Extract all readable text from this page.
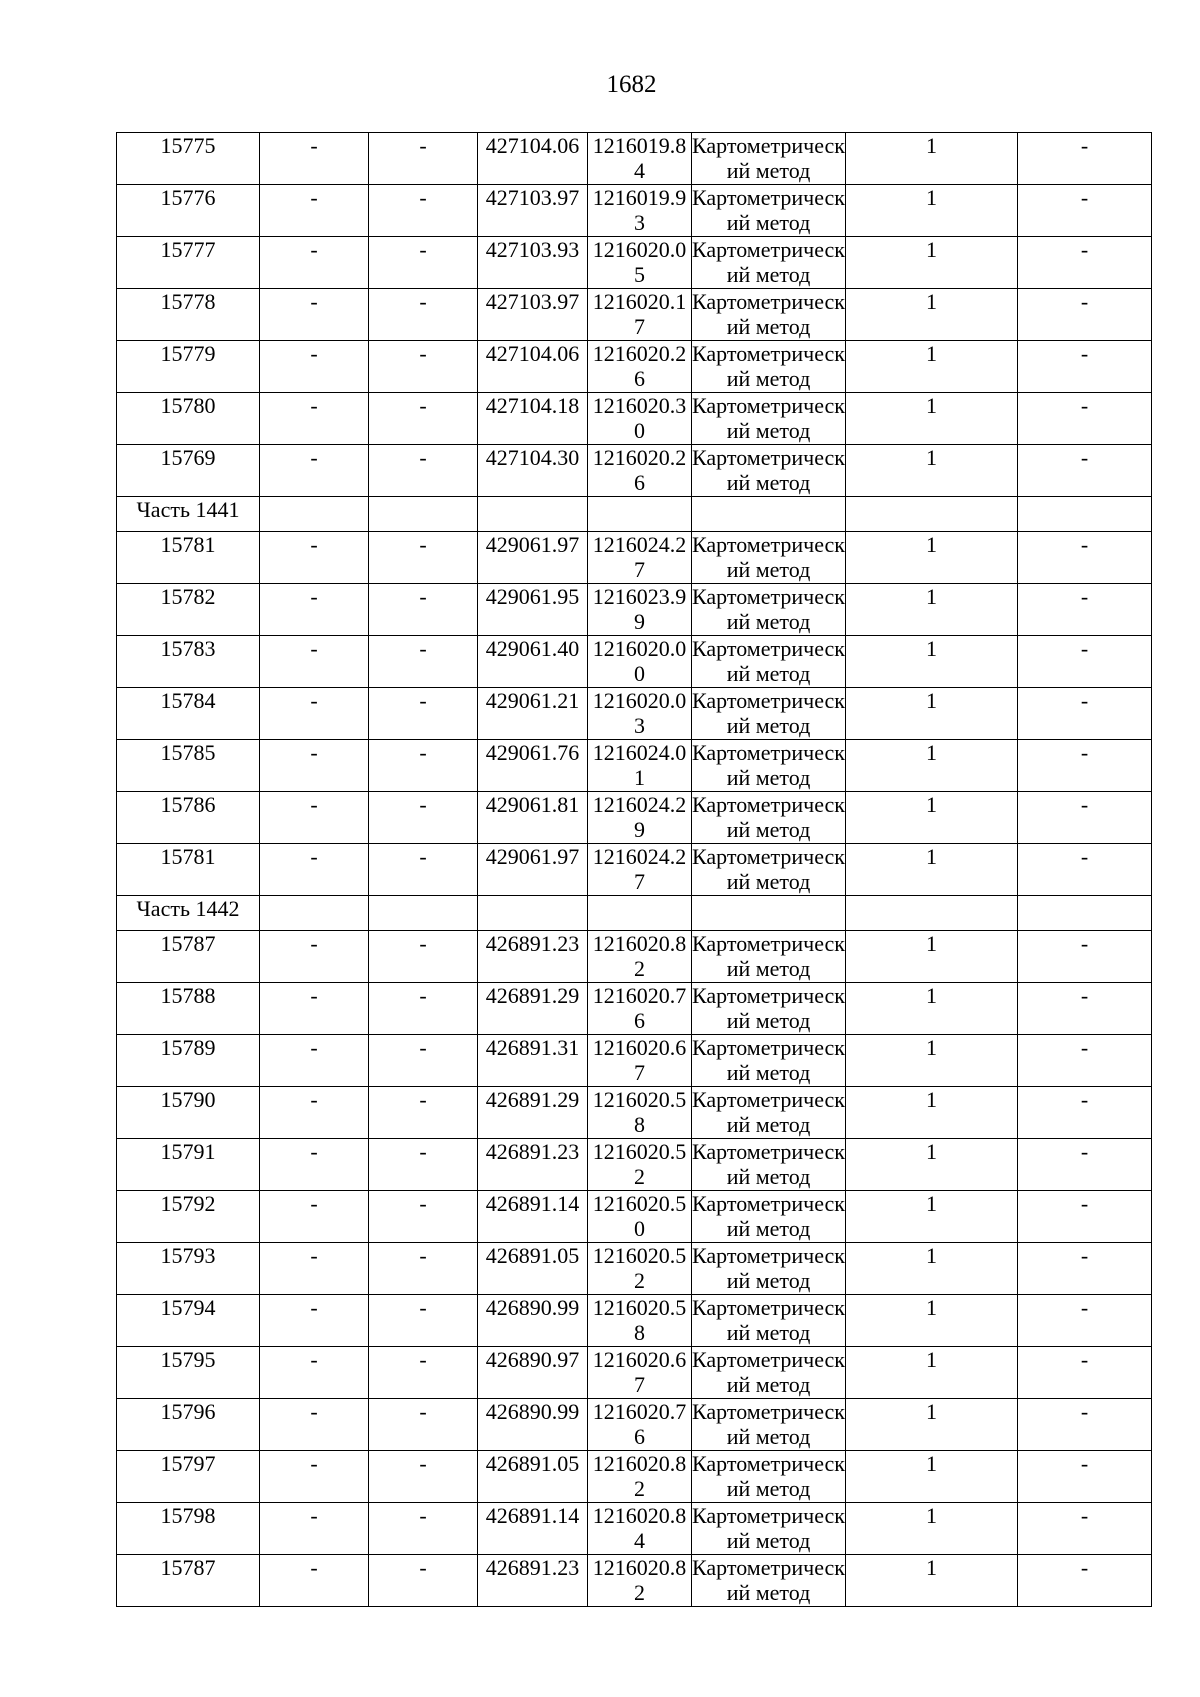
1682
15775	-	-	427104.06	1216019.84	Картометрический метод	1	-
15776	-	-	427103.97	1216019.93	Картометрический метод	1	-
15777	-	-	427103.93	1216020.05	Картометрический метод	1	-
15778	-	-	427103.97	1216020.17	Картометрический метод	1	-
15779	-	-	427104.06	1216020.26	Картометрический метод	1	-
15780	-	-	427104.18	1216020.30	Картометрический метод	1	-
15769	-	-	427104.30	1216020.26	Картометрический метод	1	-
Часть 1441							
15781	-	-	429061.97	1216024.27	Картометрический метод	1	-
15782	-	-	429061.95	1216023.99	Картометрический метод	1	-
15783	-	-	429061.40	1216020.00	Картометрический метод	1	-
15784	-	-	429061.21	1216020.03	Картометрический метод	1	-
15785	-	-	429061.76	1216024.01	Картометрический метод	1	-
15786	-	-	429061.81	1216024.29	Картометрический метод	1	-
15781	-	-	429061.97	1216024.27	Картометрический метод	1	-
Часть 1442							
15787	-	-	426891.23	1216020.82	Картометрический метод	1	-
15788	-	-	426891.29	1216020.76	Картометрический метод	1	-
15789	-	-	426891.31	1216020.67	Картометрический метод	1	-
15790	-	-	426891.29	1216020.58	Картометрический метод	1	-
15791	-	-	426891.23	1216020.52	Картометрический метод	1	-
15792	-	-	426891.14	1216020.50	Картометрический метод	1	-
15793	-	-	426891.05	1216020.52	Картометрический метод	1	-
15794	-	-	426890.99	1216020.58	Картометрический метод	1	-
15795	-	-	426890.97	1216020.67	Картометрический метод	1	-
15796	-	-	426890.99	1216020.76	Картометрический метод	1	-
15797	-	-	426891.05	1216020.82	Картометрический метод	1	-
15798	-	-	426891.14	1216020.84	Картометрический метод	1	-
15787	-	-	426891.23	1216020.82	Картометрический метод	1	-
